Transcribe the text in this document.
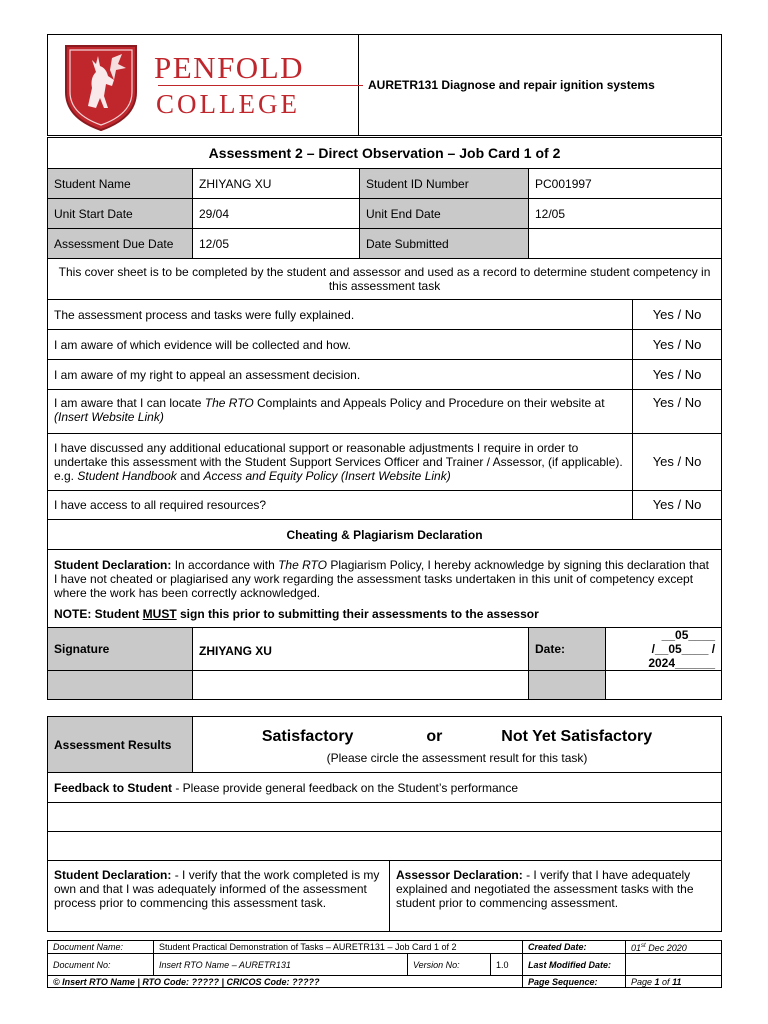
PENFOLD
COLLEGE
	AURETR131 Diagnose and repair ignition systems
Assessment 2 – Direct Observation – Job Card 1 of 2					
Student Name	ZHIYANG XU	Student ID Number	PC001997		
Unit Start Date	29/04	Unit End Date	12/05		
Assessment Due Date	12/05	Date Submitted			
This cover sheet is to be completed by the student and assessor and used as a record to determine student competency in this assessment task					
The assessment process and tasks were fully explained.					Yes / No
I am aware of which evidence will be collected and how.					Yes / No
I am aware of my right to appeal an assessment decision.					Yes / No
I am aware that I can locate The RTO Complaints and Appeals Policy and Procedure on their website at (Insert Website Link)					Yes / No
I have discussed any additional educational support or reasonable adjustments I require in order to undertake this assessment with the Student Support Services Officer and Trainer / Assessor, (if applicable). e.g. Student Handbook and Access and Equity Policy (Insert Website Link)					Yes / No
I have access to all required resources?					Yes / No
Cheating & Plagiarism Declaration					

Student Declaration: In accordance with The RTO Plagiarism Policy, I hereby acknowledge by signing this declaration that I have not cheated or plagiarised any work regarding the assessment tasks undertaken in this unit of competency except where the work has been correctly acknowledged.
NOTE: Student MUST sign this prior to submitting their assessments to the assessor					

Signature	ZHIYANG XU		Date:	__05____ /__05____ /
2024______	

Assessment Results	Satisfactory or Not Yet Satisfactory
(Please circle the assessment result for this task)	

Feedback to Student - Please provide general feedback on the Student’s performance		

Student Declaration: - I verify that the work completed is my own and that I was adequately informed of the assessment process prior to commencing this assessment task.		Assessor Declaration: - I verify that I have adequately explained and negotiated the assessment tasks with the student prior to commencing assessment.
Document Name:	Student Practical Demonstration of Tasks – AURETR131 – Job Card 1 of 2			Created Date:	01st Dec 2020
Document No:	Insert RTO Name – AURETR131	Version No:	1.0	Last Modified Date:	
© Insert RTO Name | RTO Code: ????? | CRICOS Code: ?????				Page Sequence:	Page 1 of 11
